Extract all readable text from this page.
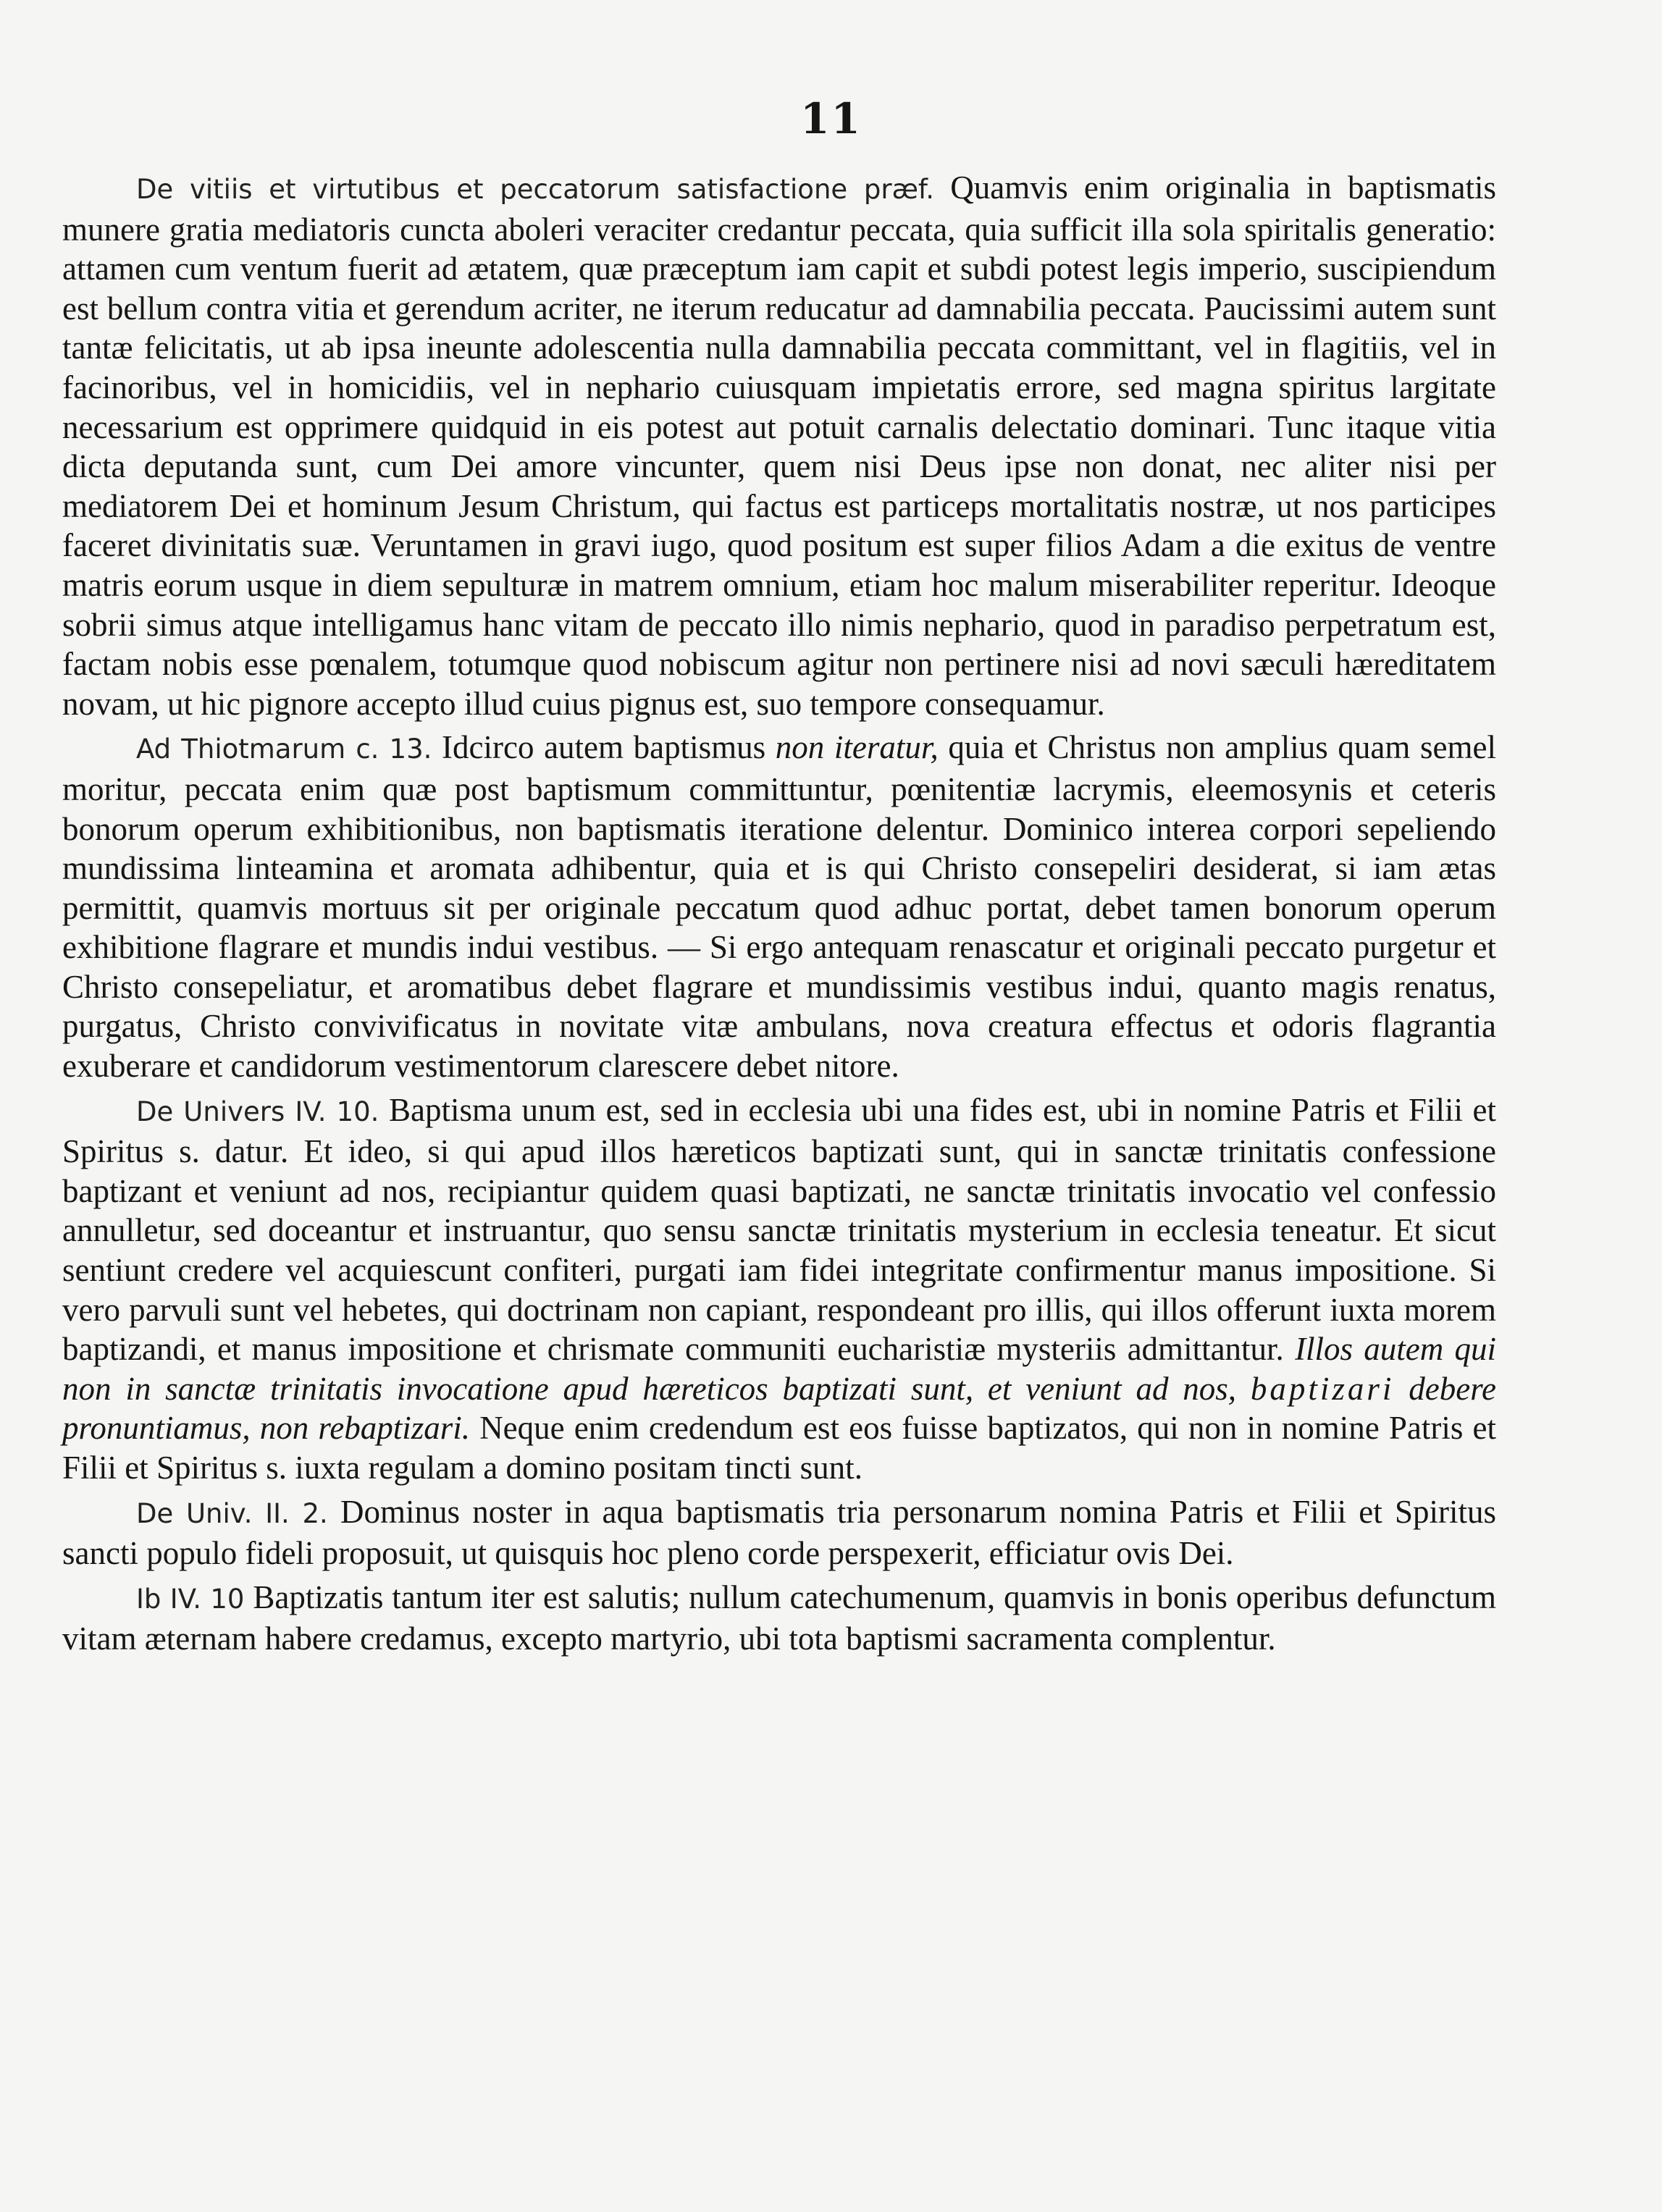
11

De vitiis et virtutibus et peccatorum satisfactione præf. Quamvis enim originalia in baptismatis munere gratia mediatoris cuncta aboleri veraciter credantur peccata, quia sufficit illa sola spiritalis generatio: attamen cum ventum fuerit ad ætatem, quæ præceptum iam capit et subdi potest legis imperio, suscipiendum est bellum contra vitia et gerendum acriter, ne iterum reducatur ad damnabilia peccata. Paucissimi autem sunt tantæ felicitatis, ut ab ipsa ineunte adolescentia nulla damnabilia peccata committant, vel in flagitiis, vel in facinoribus, vel in homicidiis, vel in nephario cuiusquam impietatis errore, sed magna spiritus largitate necessarium est opprimere quidquid in eis potest aut potuit carnalis delectatio dominari. Tunc itaque vitia dicta deputanda sunt, cum Dei amore vincunter, quem nisi Deus ipse non donat, nec aliter nisi per mediatorem Dei et hominum Jesum Christum, qui factus est particeps mortalitatis nostræ, ut nos participes faceret divinitatis suæ. Veruntamen in gravi iugo, quod positum est super filios Adam a die exitus de ventre matris eorum usque in diem sepulturæ in matrem omnium, etiam hoc malum miserabiliter reperitur. Ideoque sobrii simus atque intelligamus hanc vitam de peccato illo nimis nephario, quod in paradiso perpetratum est, factam nobis esse pœnalem, totumque quod nobiscum agitur non pertinere nisi ad novi sæculi hæreditatem novam, ut hic pignore accepto illud cuius pignus est, suo tempore consequamur.

Ad Thiotmarum c. 13. Idcirco autem baptismus non iteratur, quia et Christus non amplius quam semel moritur, peccata enim quæ post baptismum committuntur, pœnitentiæ lacrymis, eleemosynis et ceteris bonorum operum exhibitionibus, non baptismatis iteratione delentur. Dominico interea corpori sepeliendo mundissima linteamina et aromata adhibentur, quia et is qui Christo consepeliri desiderat, si iam ætas permittit, quamvis mortuus sit per originale peccatum quod adhuc portat, debet tamen bonorum operum exhibitione flagrare et mundis indui vestibus. — Si ergo antequam renascatur et originali peccato purgetur et Christo consepeliatur, et aromatibus debet flagrare et mundissimis vestibus indui, quanto magis renatus, purgatus, Christo convivificatus in novitate vitæ ambulans, nova creatura effectus et odoris flagrantia exuberare et candidorum vestimentorum clarescere debet nitore.

De Univers IV. 10. Baptisma unum est, sed in ecclesia ubi una fides est, ubi in nomine Patris et Filii et Spiritus s. datur. Et ideo, si qui apud illos hæreticos baptizati sunt, qui in sanctæ trinitatis confessione baptizant et veniunt ad nos, recipiantur quidem quasi baptizati, ne sanctæ trinitatis invocatio vel confessio annulletur, sed doceantur et instruantur, quo sensu sanctæ trinitatis mysterium in ecclesia teneatur. Et sicut sentiunt credere vel acquiescunt confiteri, purgati iam fidei integritate confirmentur manus impositione. Si vero parvuli sunt vel hebetes, qui doctrinam non capiant, respondeant pro illis, qui illos offerunt iuxta morem baptizandi, et manus impositione et chrismate communiti eucharistiæ mysteriis admittantur. Illos autem qui non in sanctæ trinitatis invocatione apud hæreticos baptizati sunt, et veniunt ad nos, baptizari debere pronuntiamus, non rebaptizari. Neque enim credendum est eos fuisse baptizatos, qui non in nomine Patris et Filii et Spiritus s. iuxta regulam a domino positam tincti sunt.

De Univ. II. 2. Dominus noster in aqua baptismatis tria personarum nomina Patris et Filii et Spiritus sancti populo fideli proposuit, ut quisquis hoc pleno corde perspexerit, efficiatur ovis Dei.

Ib IV. 10 Baptizatis tantum iter est salutis; nullum catechumenum, quamvis in bonis operibus defunctum vitam æternam habere credamus, excepto martyrio, ubi tota baptismi sacramenta complentur.
